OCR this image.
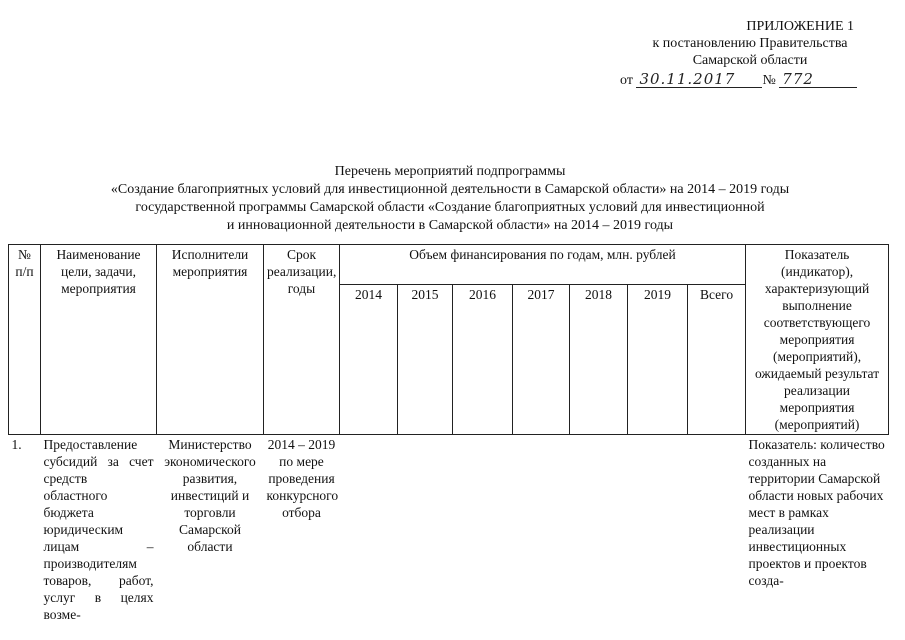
ПРИЛОЖЕНИЕ 1
к постановлению Правительства
Самарской области
от 30.11.2017 № 772
Перечень мероприятий подпрограммы
«Создание благоприятных условий для инвестиционной деятельности в Самарской области» на 2014 – 2019 годы
государственной программы Самарской области «Создание благоприятных условий для инвестиционной
и инновационной деятельности в Самарской области» на 2014 – 2019 годы
№ п/п	Наименование цели, задачи, мероприятия	Исполнители мероприятия	Срок реализации, годы	Объем финансирования по годам, млн. рублей							Показатель (индикатор), характеризующий выполнение соответствующего мероприятия (мероприятий), ожидаемый результат реализации мероприятия (мероприятий)
				2014	2015	2016	2017	2018	2019	Всего	
1.	Предоставление субсидий за счет средств областного бюджета юридическим лицам – производителям товаров, работ, услуг в целях возме-	Министерство экономического развития, инвестиций и торговли Самарской области	2014 – 2019 по мере проведения конкурсного отбора								Показатель: количество созданных на территории Самарской области новых рабочих мест в рамках реализации инвестиционных проектов и проектов созда-
